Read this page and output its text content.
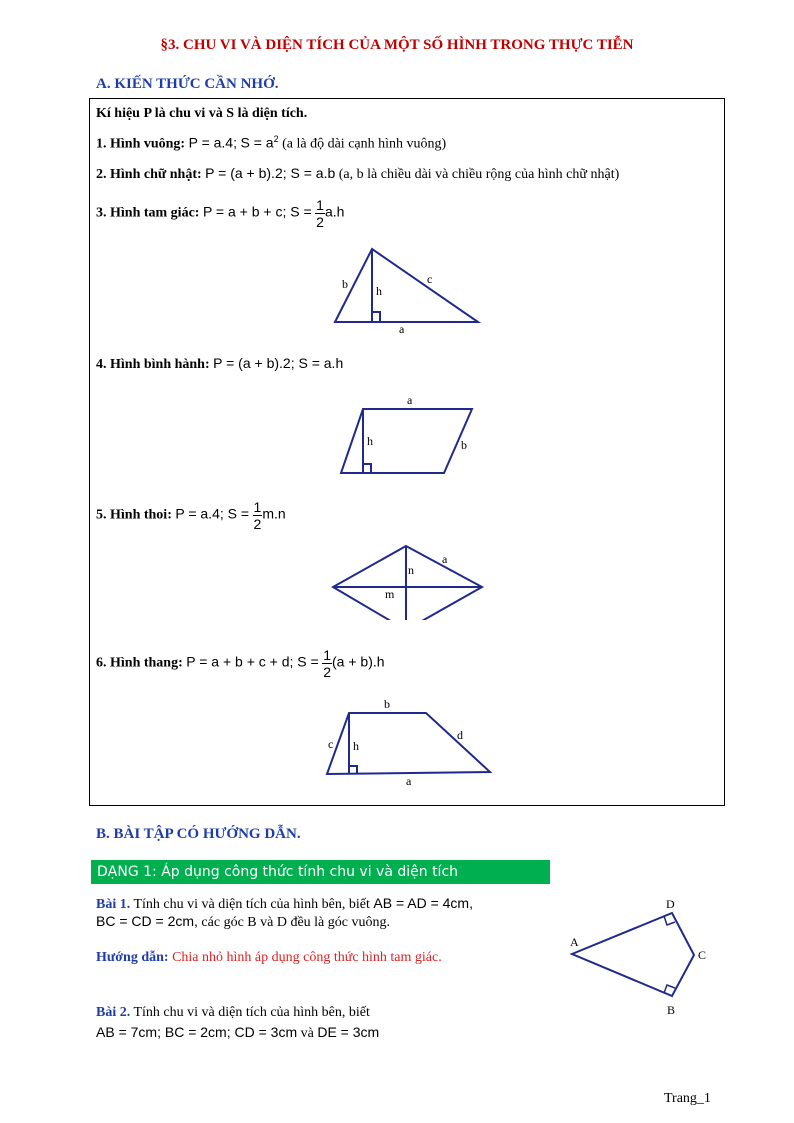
§3. CHU VI VÀ DIỆN TÍCH CỦA MỘT SỐ HÌNH TRONG THỰC TIỄN
A. KIẾN THỨC CẦN NHỚ.
Kí hiệu P là chu vi và S là diện tích.
1. Hình vuông: P = a.4; $S = a^2$ (a là độ dài cạnh hình vuông)
2. Hình chữ nhật: P = (a + b).2; S = a.b (a, b là chiều dài và chiều rộng của hình chữ nhật)
3. Hình tam giác: P = a + b + c; $S = \frac{1}{2} a.h$
b h
c
a
4. Hình bình hành: P = (a + b).2; S = a.h
a
h	b
5. Hình thoi: P = a.4; $S = \frac{1}{2} m.n$
a
n
m
6. Hình thang: P = a + b + c + d; $S = \frac{1}{2} (a + b).h$
b
c h
d
a
B. BÀI TẬP CÓ HƯỚNG DẪN.
DẠNG 1: Áp dụng công thức tính chu vi và diện tích
Bài 1. Tính chu vi và diện tích của hình bên, biết AB = AD = 4cm,
BC = CD = 2cm, các góc B và D đều là góc vuông.
Hướng dẫn: Chia nhỏ hình áp dụng công thức hình tam giác.
Bài 2. Tính chu vi và diện tích của hình bên, biết
AB = 7cm; BC = 2cm; CD = 3cm và DE = 3cm
A
D
C
B
Trang_1
